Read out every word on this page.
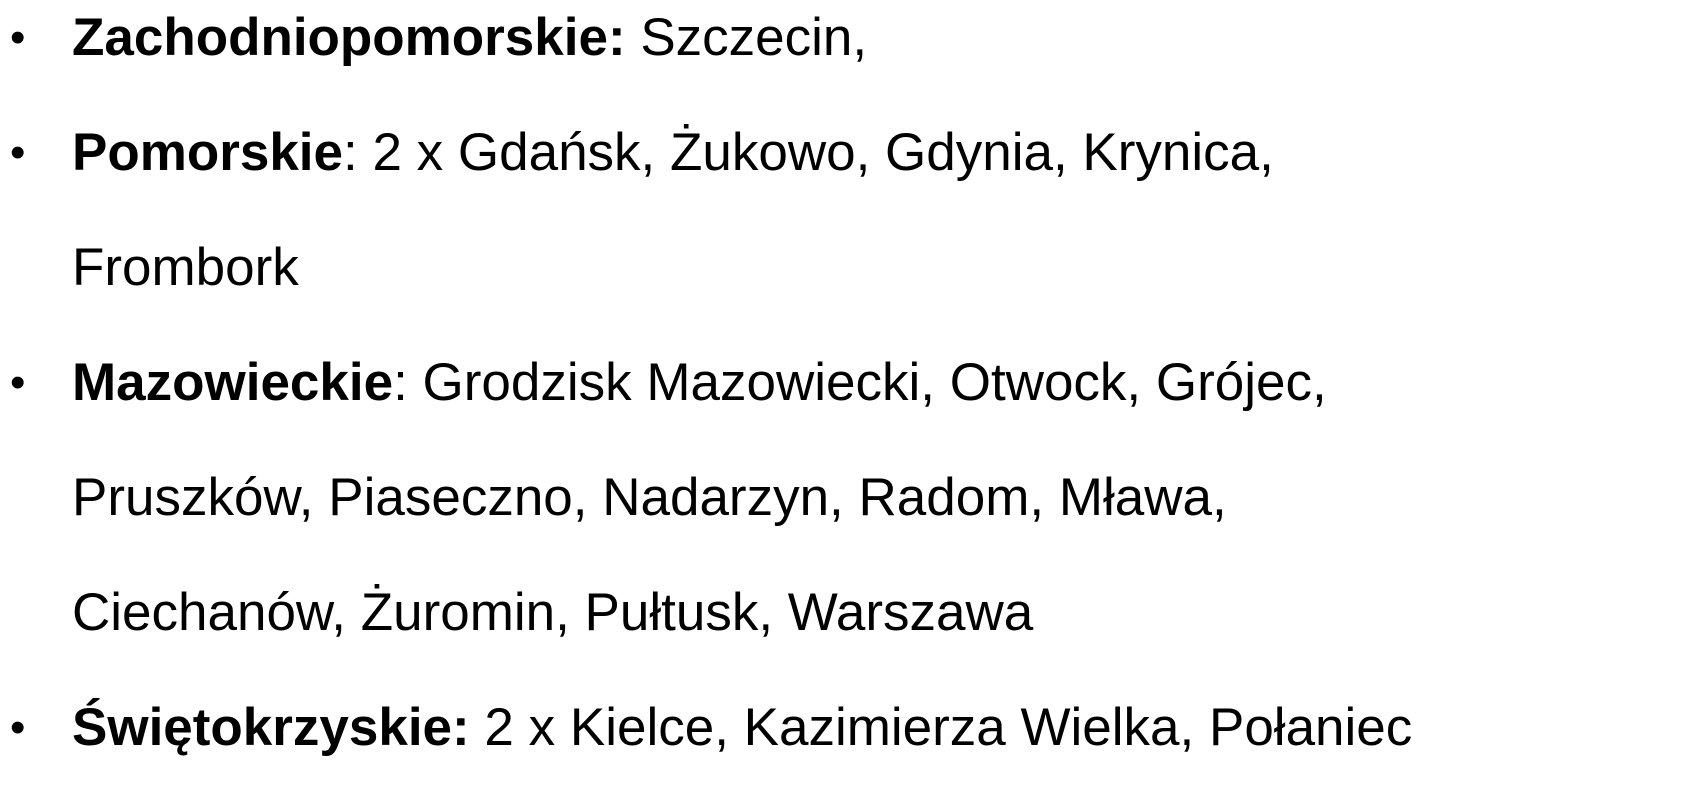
• Zachodniopomorskie: Szczecin,
• Pomorskie: 2 x Gdańsk, Żukowo, Gdynia, Krynica,
Frombork
• Mazowieckie: Grodzisk Mazowiecki, Otwock, Grójec,
Pruszków, Piaseczno, Nadarzyn, Radom, Mława,
Ciechanów, Żuromin, Pułtusk, Warszawa
• Świętokrzyskie: 2 x Kielce, Kazimierza Wielka, Połaniec
